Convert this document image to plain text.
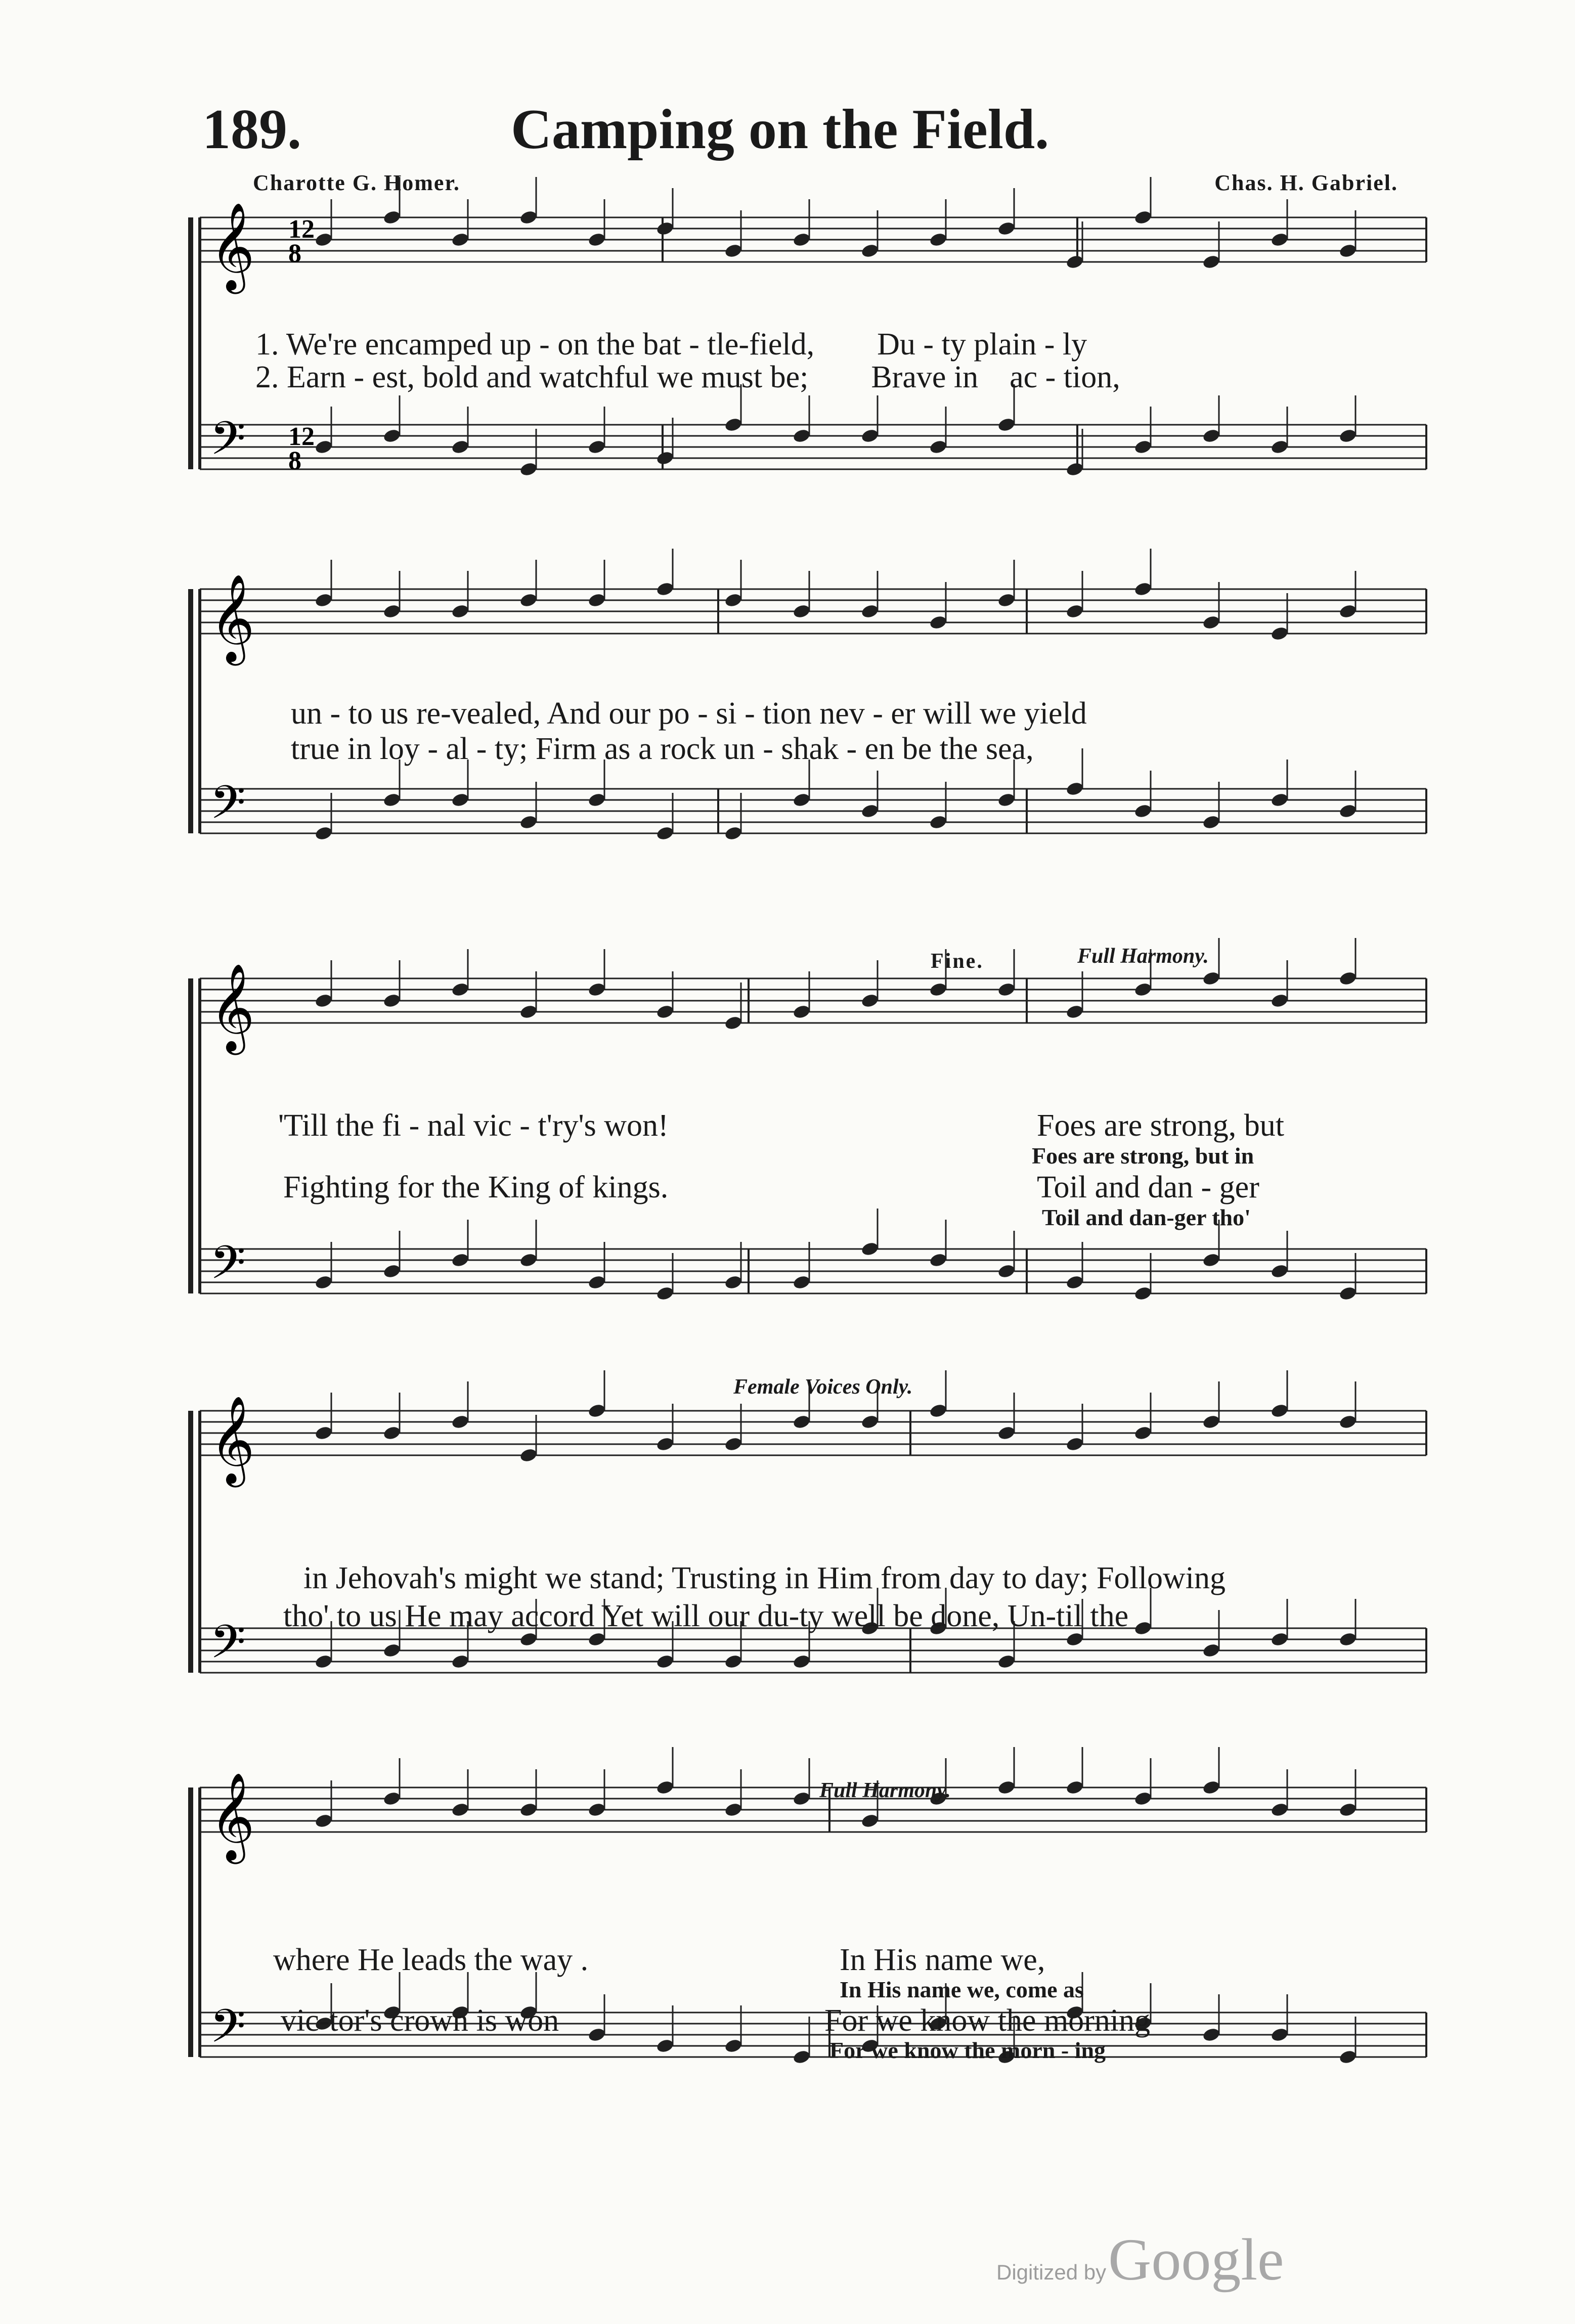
189.	Camping on the Field.
Charotte G. Homer.	Chas. H. Gabriel.
𝄞
𝄢
𝄞
𝄢
𝄞
𝄢
𝄞
𝄢
𝄞
𝄢
12
8
12
8
1. We're encamped up - on the bat - tle-field,        Du - ty plain - ly
2. Earn - est, bold and watchful we must be;        Brave in    ac - tion,
un - to us re-vealed, And our po - si - tion nev - er will we yield
true in loy - al - ty; Firm as a rock un - shak - en be the sea,
Fine.	Full Harmony.
'Till the fi - nal vic - t'ry's won!	Foes are strong, but
Foes are strong, but in
Fighting for the King of kings.	Toil and dan - ger
Toil and dan-ger tho'
Female Voices Only.
in Jehovah's might we stand; Trusting in Him from day to day; Following
tho' to us He may accord Yet will our du-ty well be done, Un-til the
Full Harmony.
where He leads the way .	In His name we,
In His name we, come as
vic-tor's crown is won	For we know the morning
For we know the morn - ing
Digitized by Google
